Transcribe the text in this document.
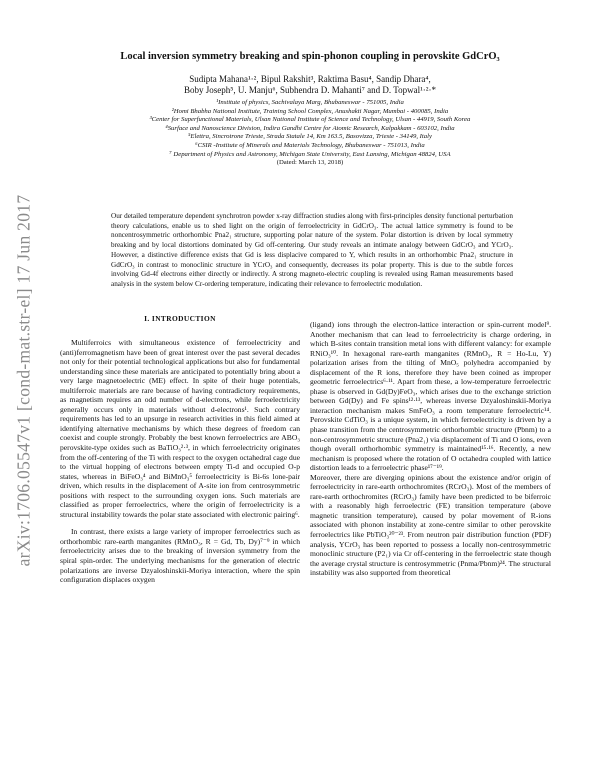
arXiv:1706.05547v1 [cond-mat.str-el] 17 Jun 2017
Local inversion symmetry breaking and spin-phonon coupling in perovskite GdCrO₃
Sudipta Mahana¹·², Bipul Rakshit³, Raktima Basu⁴, Sandip Dhara⁴,
Boby Joseph⁵, U. Manju⁶, Subhendra D. Mahanti⁷ and D. Topwal¹·²·*
¹Institute of physics, Sachivalaya Marg, Bhubaneswar - 751005, India
²Homi Bhabha National Institute, Training School Complex, Anushakti Nagar, Mumbai - 400085, India
³Center for Superfunctional Materials, Ulsan National Institute of Science and Technology, Ulsan - 44919, South Korea
⁴Surface and Nanoscience Division, Indira Gandhi Centre for Atomic Research, Kalpakkam - 603102, India
⁵Elettra, Sincrotrone Trieste, Strada Statale 14, Km 163.5, Basovizza, Trieste - 34149, Italy
⁶CSIR -Institute of Minerals and Materials Technology, Bhubaneswar - 751013, India
⁷ Department of Physics and Astronomy, Michigan State University, East Lansing, Michigan 48824, USA
(Dated: March 13, 2018)
Our detailed temperature dependent synchrotron powder x-ray diffraction studies along with first-principles density functional perturbation theory calculations, enable us to shed light on the origin of ferroelectricity in GdCrO₃. The actual lattice symmetry is found to be noncentrosymmetric orthorhombic Pna2₁ structure, supporting polar nature of the system. Polar distortion is driven by local symmetry breaking and by local distortions dominated by Gd off-centering. Our study reveals an intimate analogy between GdCrO₃ and YCrO₃. However, a distinctive difference exists that Gd is less displacive compared to Y, which results in an orthorhombic Pna2₁ structure in GdCrO₃ in contrast to monoclinic structure in YCrO₃ and consequently, decreases its polar property. This is due to the subtle forces involving Gd-4f electrons either directly or indirectly. A strong magneto-electric coupling is revealed using Raman measurements based analysis in the system below Cr-ordering temperature, indicating their relevance to ferroelectric modulation.
I. INTRODUCTION

Multiferroics with simultaneous existence of ferroelectricity and (anti)ferromagnetism have been of great interest over the past several decades not only for their potential technological applications but also for fundamental understanding since these materials are anticipated to potentially bring about a very large magnetoelectric (ME) effect. In spite of their huge potentials, multiferroic materials are rare because of having contradictory requirements, as magnetism requires an odd number of d-electrons, while ferroelectricity generally occurs only in materials without d-electrons¹. Such contrary requirements has led to an upsurge in research activities in this field aimed at identifying alternative mechanisms by which these degrees of freedom can coexist and couple strongly. Probably the best known ferroelectrics are ABO₃ perovskite-type oxides such as BaTiO₃²·³, in which ferroelectricity originates from the off-centering of the Ti with respect to the oxygen octahedral cage due to the virtual hopping of electrons between empty Ti-d and occupied O-p states, whereas in BiFeO₃⁴ and BiMnO₃⁵ ferroelectricity is Bi-6s lone-pair driven, which results in the displacement of A-site ion from centrosymmetric positions with respect to the surrounding oxygen ions. Such materials are classified as proper ferroelectrics, where the origin of ferroelectricity is a structural instability towards the polar state associated with electronic pairing⁶.

In contrast, there exists a large variety of improper ferroelectrics such as orthorhombic rare-earth manganites (RMnO₃, R = Gd, Tb, Dy)⁷⁻⁹ in which ferroelectricity arises due to the breaking of inversion symmetry from the spiral spin-order. The underlying mechanisms for the generation of electric polarizations are inverse Dzyaloshinskii-Moriya interaction, where the spin configuration displaces oxygen

(ligand) ions through the electron-lattice interaction or spin-current model⁹. Another mechanism that can lead to ferroelectricity is charge ordering, in which B-sites contain transition metal ions with different valancy: for example RNiO₃¹⁰. In hexagonal rare-earth manganites (RMnO₃, R = Ho-Lu, Y) polarization arises from the tilting of MnO₅ polyhedra accompanied by displacement of the R ions, therefore they have been coined as improper geometric ferroelectrics⁶·¹¹. Apart from these, a low-temperature ferroelectric phase is observed in Gd(Dy)FeO₃, which arises due to the exchange striction between Gd(Dy) and Fe spins¹²·¹³, whereas inverse Dzyaloshinskii-Moriya interaction mechanism makes SmFeO₃ a room temperature ferroelectric¹⁴. Perovskite CdTiO₃ is a unique system, in which ferroelectricity is driven by a phase transition from the centrosymmetric orthorhombic structure (Pbnm) to a non-centrosymmetric structure (Pna2₁) via displacement of Ti and O ions, even though overall orthorhombic symmetry is maintained¹⁵·¹⁶. Recently, a new mechanism is proposed where the rotation of O octahedra coupled with lattice distortion leads to a ferroelectric phase¹⁷⁻¹⁹.

Moreover, there are diverging opinions about the existence and/or origin of ferroelectricity in rare-earth orthochromites (RCrO₃). Most of the members of rare-earth orthochromites (RCrO₃) family have been predicted to be biferroic with a reasonably high ferroelectric (FE) transition temperature (above magnetic transition temperature), caused by polar movement of R-ions associated with phonon instability at zone-centre similar to other perovskite ferroelectrics like PbTiO₃²⁰⁻²³. From neutron pair distribution function (PDF) analysis, YCrO₃ has been reported to possess a locally non-centrosymmetric monoclinic structure (P2₁) via Cr off-centering in the ferroelectric state though the average crystal structure is centrosymmetric (Pnma/Pbnm)²⁴. The structural instability was also supported from theoretical
